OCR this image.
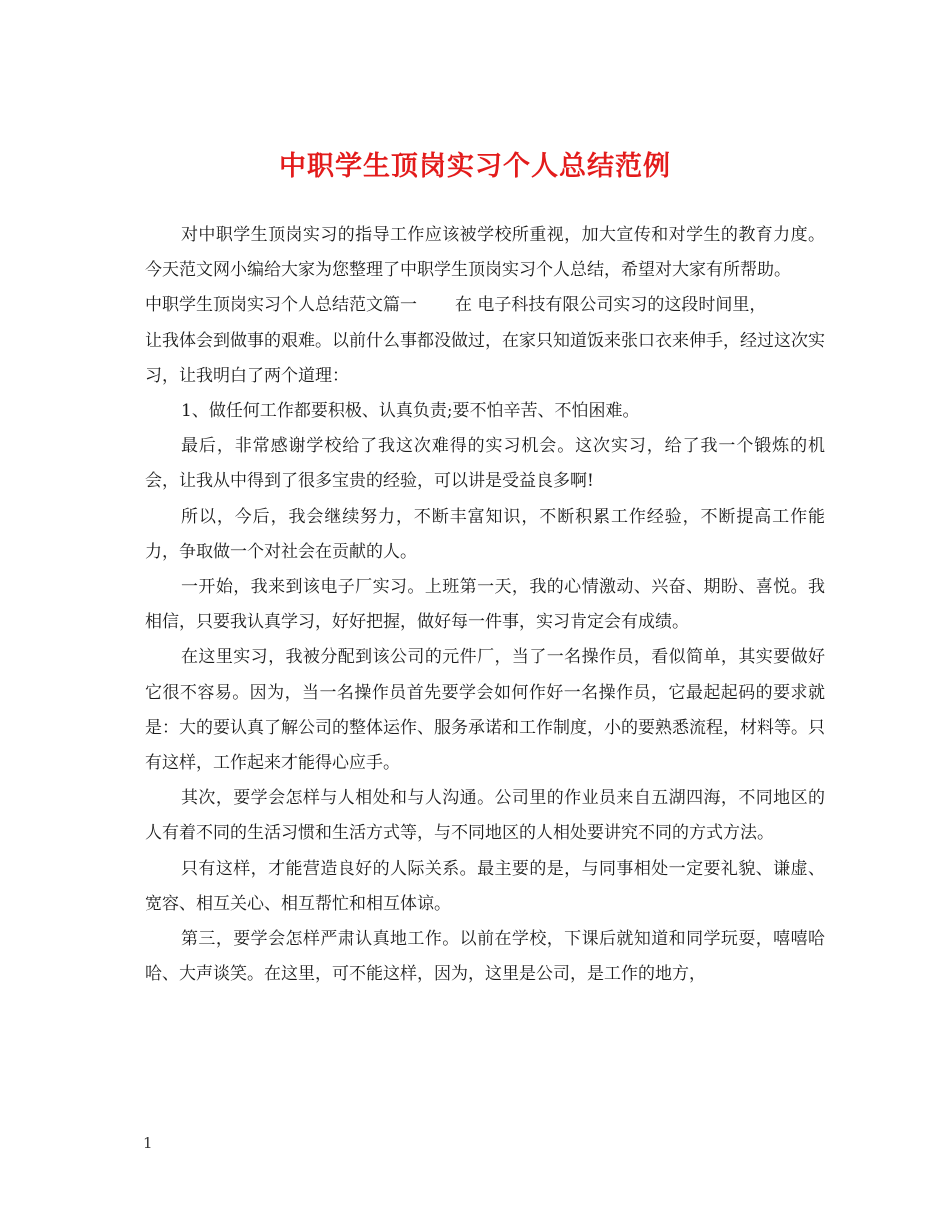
中职学生顶岗实习个人总结范例

对中职学生顶岗实习的指导工作应该被学校所重视，加大宣传和对学生的教育力度。今天范文网小编给大家为您整理了中职学生顶岗实习个人总结，希望对大家有所帮助。

中职学生顶岗实习个人总结范文篇一 在 电子科技有限公司实习的这段时间里，

让我体会到做事的艰难。以前什么事都没做过，在家只知道饭来张口衣来伸手，经过这次实习，让我明白了两个道理：

1、做任何工作都要积极、认真负责;要不怕辛苦、不怕困难。

最后，非常感谢学校给了我这次难得的实习机会。这次实习，给了我一个锻炼的机会，让我从中得到了很多宝贵的经验，可以讲是受益良多啊!

所以，今后，我会继续努力，不断丰富知识，不断积累工作经验，不断提高工作能力，争取做一个对社会在贡献的人。

一开始，我来到该电子厂实习。上班第一天，我的心情激动、兴奋、期盼、喜悦。我相信，只要我认真学习，好好把握，做好每一件事，实习肯定会有成绩。

在这里实习，我被分配到该公司的元件厂，当了一名操作员，看似简单，其实要做好它很不容易。因为，当一名操作员首先要学会如何作好一名操作员，它最起起码的要求就是：大的要认真了解公司的整体运作、服务承诺和工作制度，小的要熟悉流程，材料等。只有这样，工作起来才能得心应手。

其次，要学会怎样与人相处和与人沟通。公司里的作业员来自五湖四海，不同地区的人有着不同的生活习惯和生活方式等，与不同地区的人相处要讲究不同的方式方法。

只有这样，才能营造良好的人际关系。最主要的是，与同事相处一定要礼貌、谦虚、宽容、相互关心、相互帮忙和相互体谅。

第三，要学会怎样严肃认真地工作。以前在学校，下课后就知道和同学玩耍，嘻嘻哈哈、大声谈笑。在这里，可不能这样，因为，这里是公司，是工作的地方，

1
